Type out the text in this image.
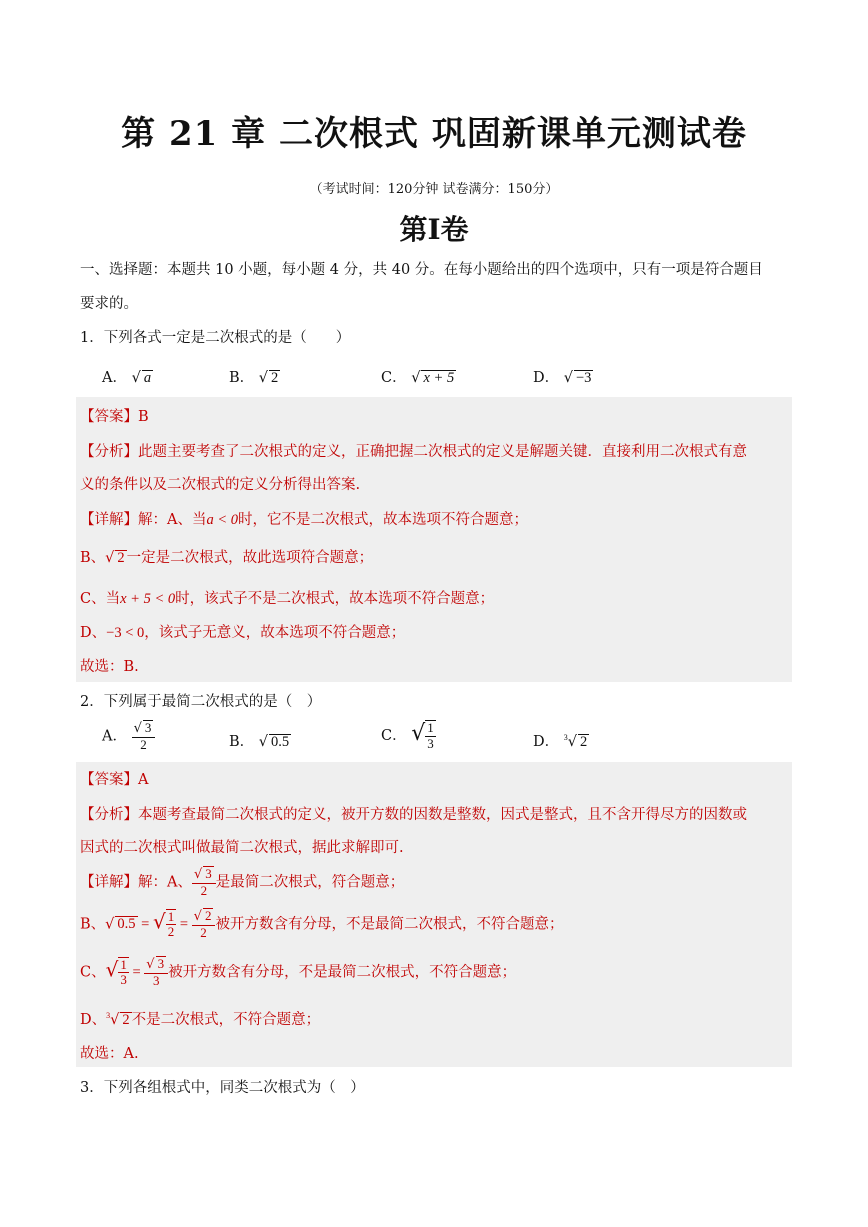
第 21 章 二次根式 巩固新课单元测试卷
（考试时间：120分钟 试卷满分：150分）
第I卷
一、选择题：本题共 10 小题，每小题 4 分，共 40 分。在每小题给出的四个选项中，只有一项是符合题目
要求的。
1．下列各式一定是二次根式的是（　　）
A． √ a	B． √ 2	C． √ x + 5	D． √ −3
【答案】B
【分析】此题主要考查了二次根式的定义，正确把握二次根式的定义是解题关键．直接利用二次根式有意
义的条件以及二次根式的定义分析得出答案.
【详解】解：A、当a < 0时，它不是二次根式，故本选项不符合题意；
B、√ 2 一定是二次根式，故此选项符合题意；
C、当x + 5 < 0时，该式子不是二次根式，故本选项不符合题意；
D、−3 < 0，该式子无意义，故本选项不符合题意；
故选：B.
2．下列属于最简二次根式的是（　）
A． $\frac{√ 3}{2}$	B． √ 0.5	C． √ $\frac{1}{3}$	D． $^3$√ 2
【答案】A
【分析】本题考查最简二次根式的定义，被开方数的因数是整数，因式是整式，且不含开得尽方的因数或
因式的二次根式叫做最简二次根式，据此求解即可.
【详解】解：A、 $\frac{√ 3}{2}$ 是最简二次根式，符合题意；
B、√ 0.5 = √ $\frac{1}{2} = \frac{√ 2}{2}$ 被开方数含有分母，不是最简二次根式，不符合题意；
C、√ $\frac{1}{3} = \frac{√ 3}{3}$ 被开方数含有分母，不是最简二次根式，不符合题意；
D、$^3$√ 2 不是二次根式，不符合题意；
故选：A.
3．下列各组根式中，同类二次根式为（　）
